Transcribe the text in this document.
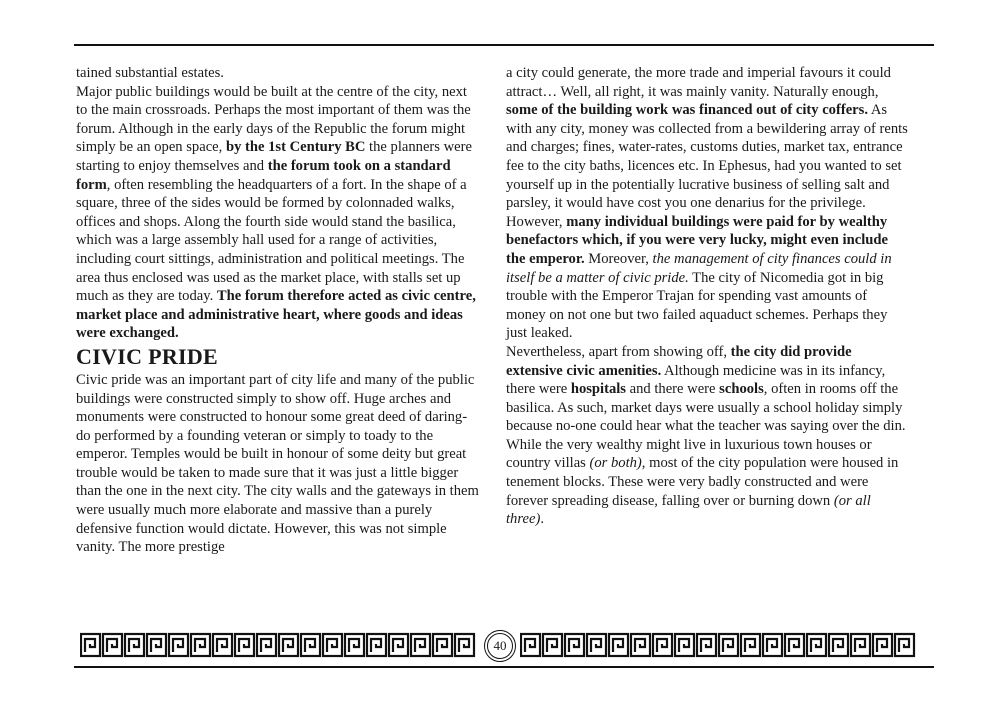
tained substantial estates.

Major public buildings would be built at the centre of the city, next to the main crossroads. Perhaps the most important of them was the forum. Although in the early days of the Republic the forum might simply be an open space, by the 1st Century BC the planners were starting to enjoy themselves and the forum took on a standard form, often resembling the headquarters of a fort. In the shape of a square, three of the sides would be formed by colonnaded walks, offices and shops. Along the fourth side would stand the basilica, which was a large assembly hall used for a range of activities, including court sittings, administration and political meetings. The area thus enclosed was used as the market place, with stalls set up much as they are today. The forum therefore acted as civic centre, market place and administrative heart, where goods and ideas were exchanged.

CIVIC PRIDE

Civic pride was an important part of city life and many of the public buildings were constructed simply to show off. Huge arches and monuments were constructed to honour some great deed of daring-do performed by a founding veteran or simply to toady to the emperor. Temples would be built in honour of some deity but great trouble would be taken to made sure that it was just a little bigger than the one in the next city. The city walls and the gateways in them were usually much more elaborate and massive than a purely defensive function would dictate. However, this was not simple vanity. The more prestige

a city could generate, the more trade and imperial favours it could attract… Well, all right, it was mainly vanity. Naturally enough, some of the building work was financed out of city coffers. As with any city, money was collected from a bewildering array of rents and charges; fines, water-rates, customs duties, market tax, entrance fee to the city baths, licences etc. In Ephesus, had you wanted to set yourself up in the potentially lucrative business of selling salt and parsley, it would have cost you one denarius for the privilege. However, many individual buildings were paid for by wealthy benefactors which, if you were very lucky, might even include the emperor. Moreover, the management of city finances could in itself be a matter of civic pride. The city of Nicomedia got in big trouble with the Emperor Trajan for spending vast amounts of money on not one but two failed aquaduct schemes. Perhaps they just leaked.

Nevertheless, apart from showing off, the city did provide extensive civic amenities. Although medicine was in its infancy, there were hospitals and there were schools, often in rooms off the basilica. As such, market days were usually a school holiday simply because no-one could hear what the teacher was saying over the din. While the very wealthy might live in luxurious town houses or country villas (or both), most of the city population were housed in tenement blocks. These were very badly constructed and were forever spreading disease, falling over or burning down (or all three).

40
